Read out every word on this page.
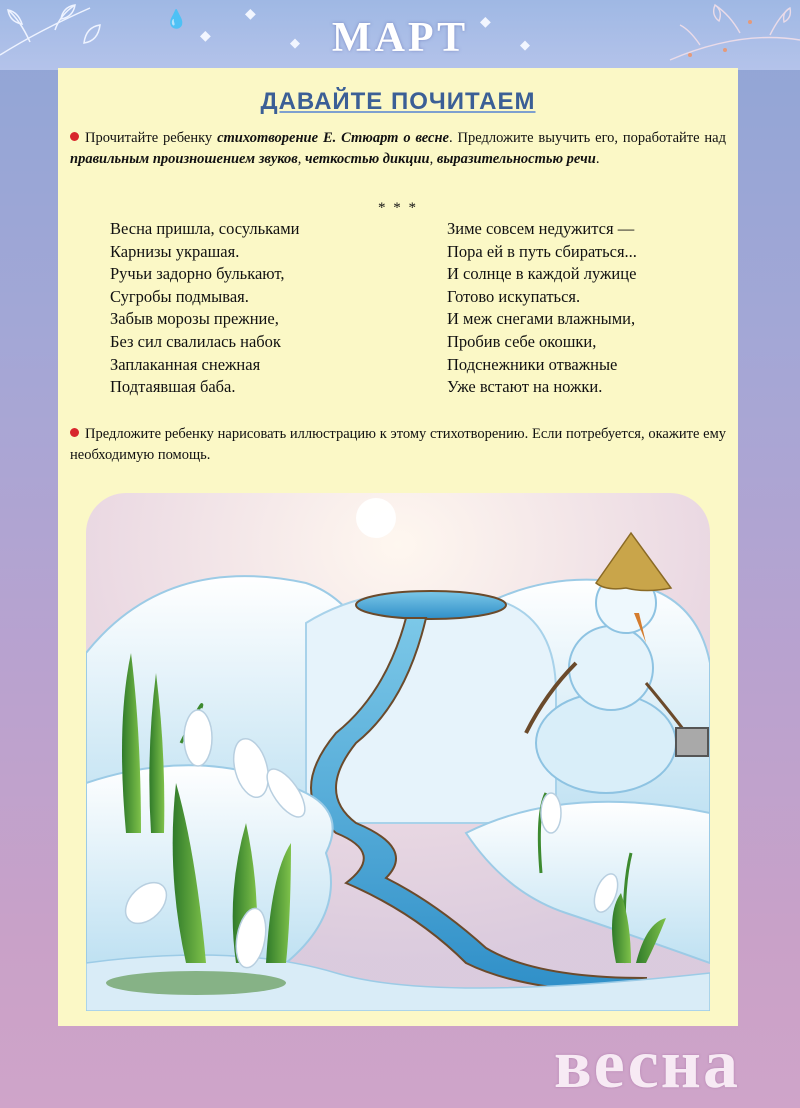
💧
◆
◆
◆
◆
◆
МАРТ
ДАВАЙТЕ ПОЧИТАЕМ
Прочитайте ребенку стихотворение Е. Стюарт о весне. Предложите выучить его, поработайте над правильным произношением звуков, четкостью дикции, выразительностью речи.
* * *
Весна пришла, сосульками
Карнизы украшая.
Ручьи задорно булькают,
Сугробы подмывая.
Забыв морозы прежние,
Без сил свалилась набок
Заплаканная снежная
Подтаявшая баба.
Зиме совсем недужится —
Пора ей в путь сбираться...
И солнце в каждой лужице
Готово искупаться.
И меж снегами влажными,
Пробив себе окошки,
Подснежники отважные
Уже встают на ножки.
Предложите ребенку нарисовать иллюстрацию к этому стихотворению. Если потребуется, окажите ему необходимую помощь.
весна
